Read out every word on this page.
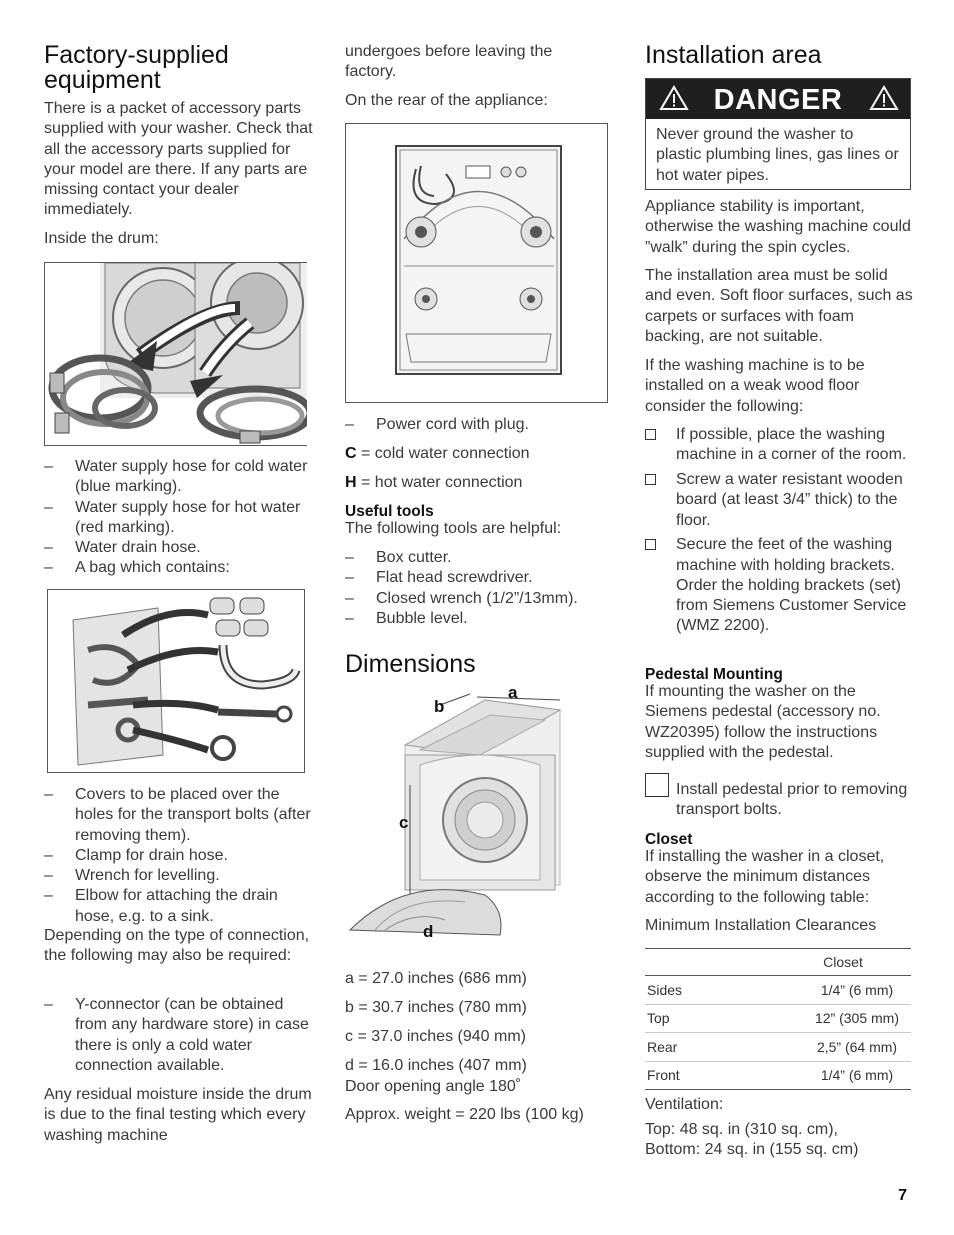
Factory-supplied equipment

There is a packet of accessory parts supplied with your washer. Check that all the accessory parts supplied for your model are there. If any parts are missing contact your dealer immediately.

Inside the drum:

– Water supply hose for cold water (blue marking).
– Water supply hose for hot water (red marking).
– Water drain hose.
– A bag which contains:
– Covers to be placed over the holes for the transport bolts (after removing them).
– Clamp for drain hose.
– Wrench for levelling.
– Elbow for attaching the drain hose, e.g. to a sink.

Depending on the type of connection, the following may also be required:

– Y-connector (can be obtained from any hardware store) in case there is only a cold water connection available.

Any residual moisture inside the drum is due to the final testing which every washing machine

undergoes before leaving the factory.

On the rear of the appliance:

– Power cord with plug.

C = cold water connection

H = hot water connection

Useful tools

The following tools are helpful:

– Box cutter.
– Flat head screwdriver.
– Closed wrench (1/2”/13mm).
– Bubble level.
Dimensions
a
b
c
d

a = 27.0 inches (686 mm)

b = 30.7 inches (780 mm)

c = 37.0 inches (940 mm)

d = 16.0 inches (407 mm)

Door opening angle 180˚

Approx. weight = 220 lbs (100 kg)

Installation area
DANGER

Never ground the washer to plastic plumbing lines, gas lines or hot water pipes.

Appliance stability is important, otherwise the washing machine could ”walk” during the spin cycles.

The installation area must be solid and even. Soft floor surfaces, such as carpets or surfaces with foam backing, are not suitable.

If the washing machine is to be installed on a weak wood floor consider the following:

If possible, place the washing machine in a corner of the room.
Screw a water resistant wooden board (at least 3/4” thick) to the floor.
Secure the feet of the washing machine with holding brackets. Order the holding brackets (set) from Siemens Customer Service (WMZ 2200).
Pedestal Mounting

If mounting the washer on the Siemens pedestal (accessory no. WZ20395) follow the instructions supplied with the pedestal.

Install pedestal prior to removing transport bolts.

Closet

If installing the washer in a closet, observe the minimum distances according to the following table:

Minimum Installation Clearances

	Closet
Sides	1/4” (6 mm)
Top	12” (305 mm)
Rear	2,5” (64 mm)
Front	1/4” (6 mm)

Ventilation:

Top: 48 sq. in (310 sq. cm),

Bottom: 24 sq. in (155 sq. cm)

7
